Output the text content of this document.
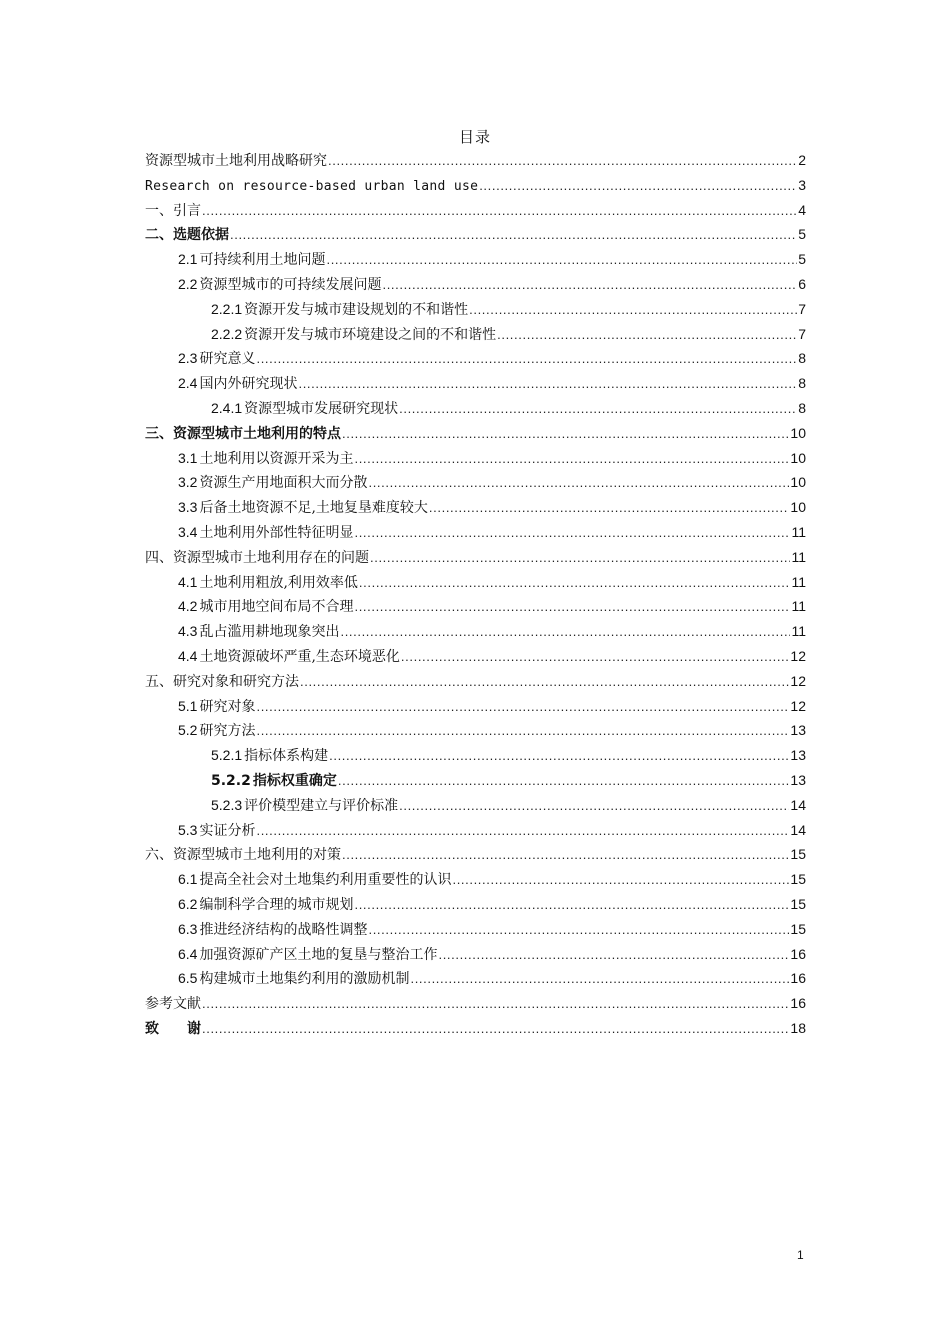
目录
资源型城市土地利用战略研究 . . .	2
Research on resource-based urban land use . . .	3
一、引言 . . .	4
二、选题依据 . . .	5
2.1 可持续利用土地问题 . . .	5
2.2 资源型城市的可持续发展问题 . . .	6
2.2.1 资源开发与城市建设规划的不和谐性 . . .	7
2.2.2 资源开发与城市环境建设之间的不和谐性 . . .	7
2.3 研究意义 . . .	8
2.4 国内外研究现状 . . .	8
2.4.1 资源型城市发展研究现状 . . .	8
三、资源型城市土地利用的特点 . . .	10
3.1 土地利用以资源开采为主 . . .	10
3.2 资源生产用地面积大而分散 . . .	10
3.3 后备土地资源不足,土地复垦难度较大 . . .	10
3.4 土地利用外部性特征明显 . . .	11
四、资源型城市土地利用存在的问题 . . .	11
4.1 土地利用粗放,利用效率低 . . .	11
4.2 城市用地空间布局不合理 . . .	11
4.3 乱占滥用耕地现象突出 . . .	11
4.4 土地资源破坏严重,生态环境恶化 . . .	12
五、研究对象和研究方法 . . .	12
5.1 研究对象 . . .	12
5.2 研究方法 . . .	13
5.2.1 指标体系构建 . . .	13
5.2.2 指标权重确定 . . .	13
5.2.3 评价模型建立与评价标准 . . .	14
5.3 实证分析 . . .	14
六、资源型城市土地利用的对策 . . .	15
6.1 提高全社会对土地集约利用重要性的认识 . . .	15
6.2 编制科学合理的城市规划 . . .	15
6.3 推进经济结构的战略性调整 . . .	15
6.4 加强资源矿产区土地的复垦与整治工作 . . .	16
6.5 构建城市土地集约利用的激励机制 . . .	16
参考文献 . . .	16
致　　谢 . . .	18
1
